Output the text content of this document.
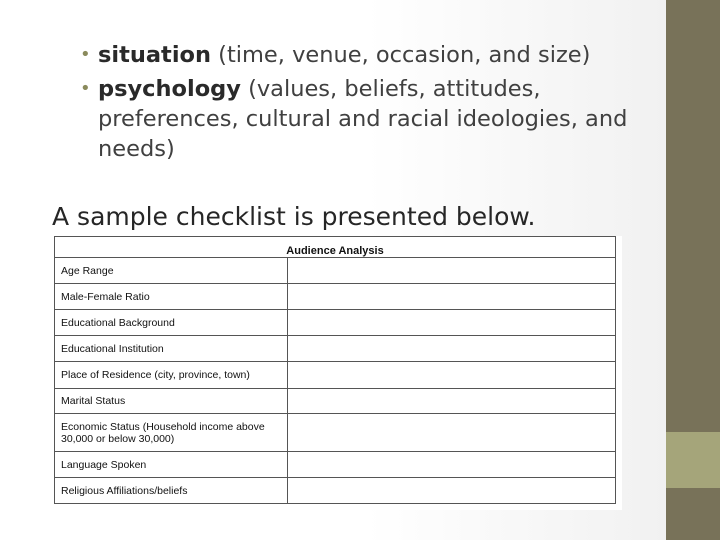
• situation (time, venue, occasion, and size)
• psychology (values, beliefs, attitudes, preferences, cultural and racial ideologies, and needs)
A sample checklist is presented below.
Audience Analysis	
Age Range	
Male-Female Ratio	
Educational Background	
Educational Institution	
Place of Residence (city, province, town)	
Marital Status	
Economic Status (Household income above 30,000 or below 30,000)	
Language Spoken	
Religious Affiliations/beliefs	
